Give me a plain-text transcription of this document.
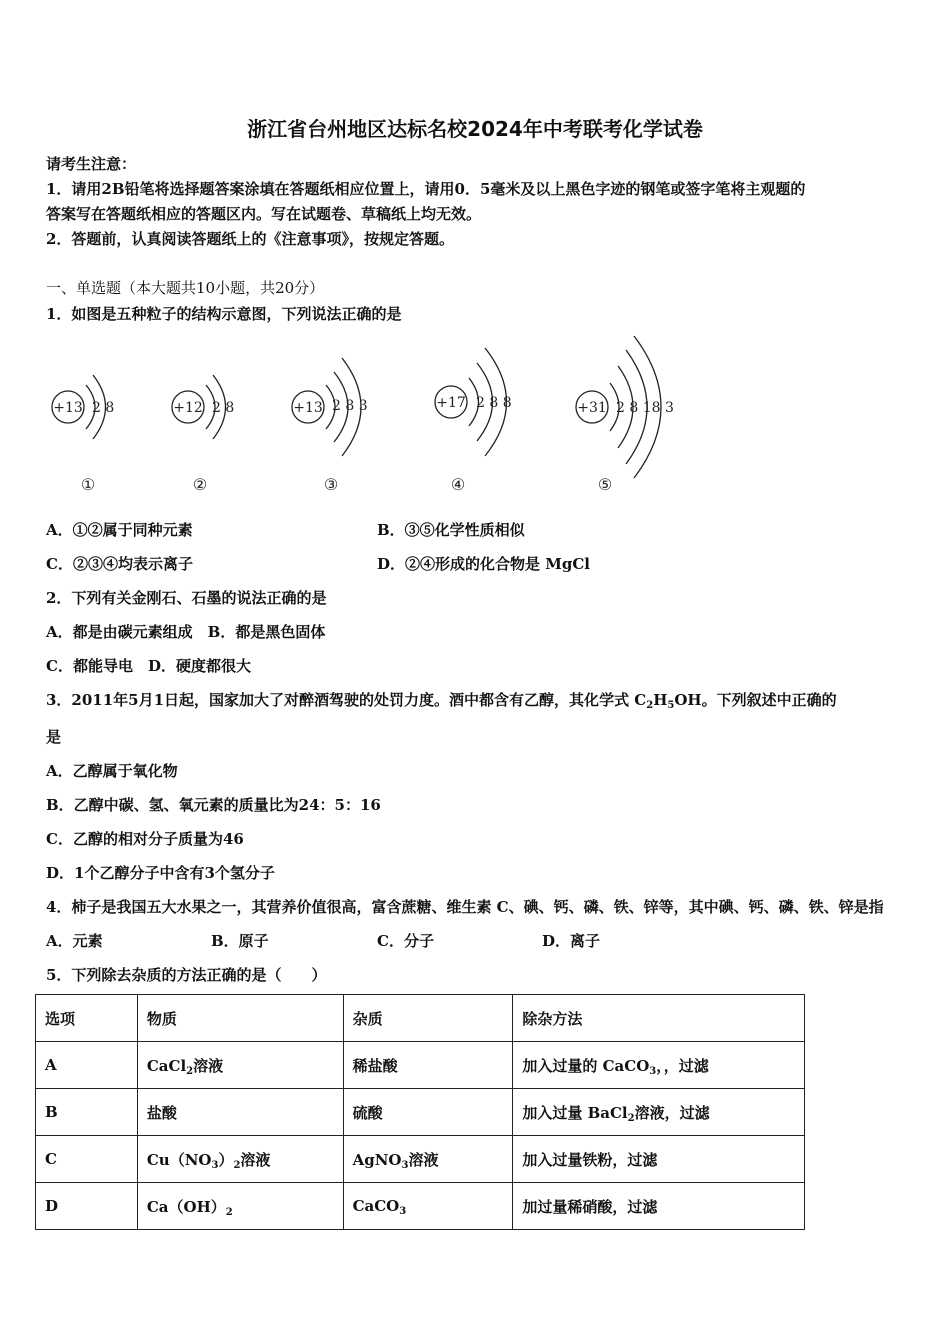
浙江省台州地区达标名校2024年中考联考化学试卷
请考生注意：
1．请用2B铅笔将选择题答案涂填在答题纸相应位置上，请用0．5毫米及以上黑色字迹的钢笔或签字笔将主观题的
答案写在答题纸相应的答题区内。写在试题卷、草稿纸上均无效。
2．答题前，认真阅读答题纸上的《注意事项》，按规定答题。
一、单选题（本大题共10小题，共20分）
1．如图是五种粒子的结构示意图，下列说法正确的是
+13 2 8
①
+12 2 8
②
+13 2 8 3
③
+17 2 8 8
④
+31 2 8 18 3
⑤
A．①②属于同种元素	B．③⑤化学性质相似
C．②③④均表示离子	D．②④形成的化合物是 MgCl
2．下列有关金刚石、石墨的说法正确的是
A．都是由碳元素组成　B．都是黑色固体
C．都能导电　D．硬度都很大
3．2011年5月1日起，国家加大了对醉酒驾驶的处罚力度。酒中都含有乙醇，其化学式 $C_2H_5OH$。下列叙述中正确的
是
A．乙醇属于氧化物
B．乙醇中碳、氢、氧元素的质量比为24：5：16
C．乙醇的相对分子质量为46
D．1个乙醇分子中含有3个氢分子
4．柿子是我国五大水果之一，其营养价值很高，富含蔗糖、维生素 C、碘、钙、磷、铁、锌等，其中碘、钙、磷、铁、锌是指
A．元素	B．原子	C．分子	D．离子
5．下列除去杂质的方法正确的是（　　）
选项	物质	杂质	除杂方法
A	CaCl$_2$溶液	稀盐酸	加入过量的 CaCO$_3$，，过滤
B	盐酸	硫酸	加入过量 BaCl$_2$溶液，过滤
C	$Cu(NO_3)_2$溶液	AgNO$_3$溶液	加入过量铁粉，过滤
D	$Ca(OH)_2$	CaCO$_3$	加过量稀硝酸，过滤
